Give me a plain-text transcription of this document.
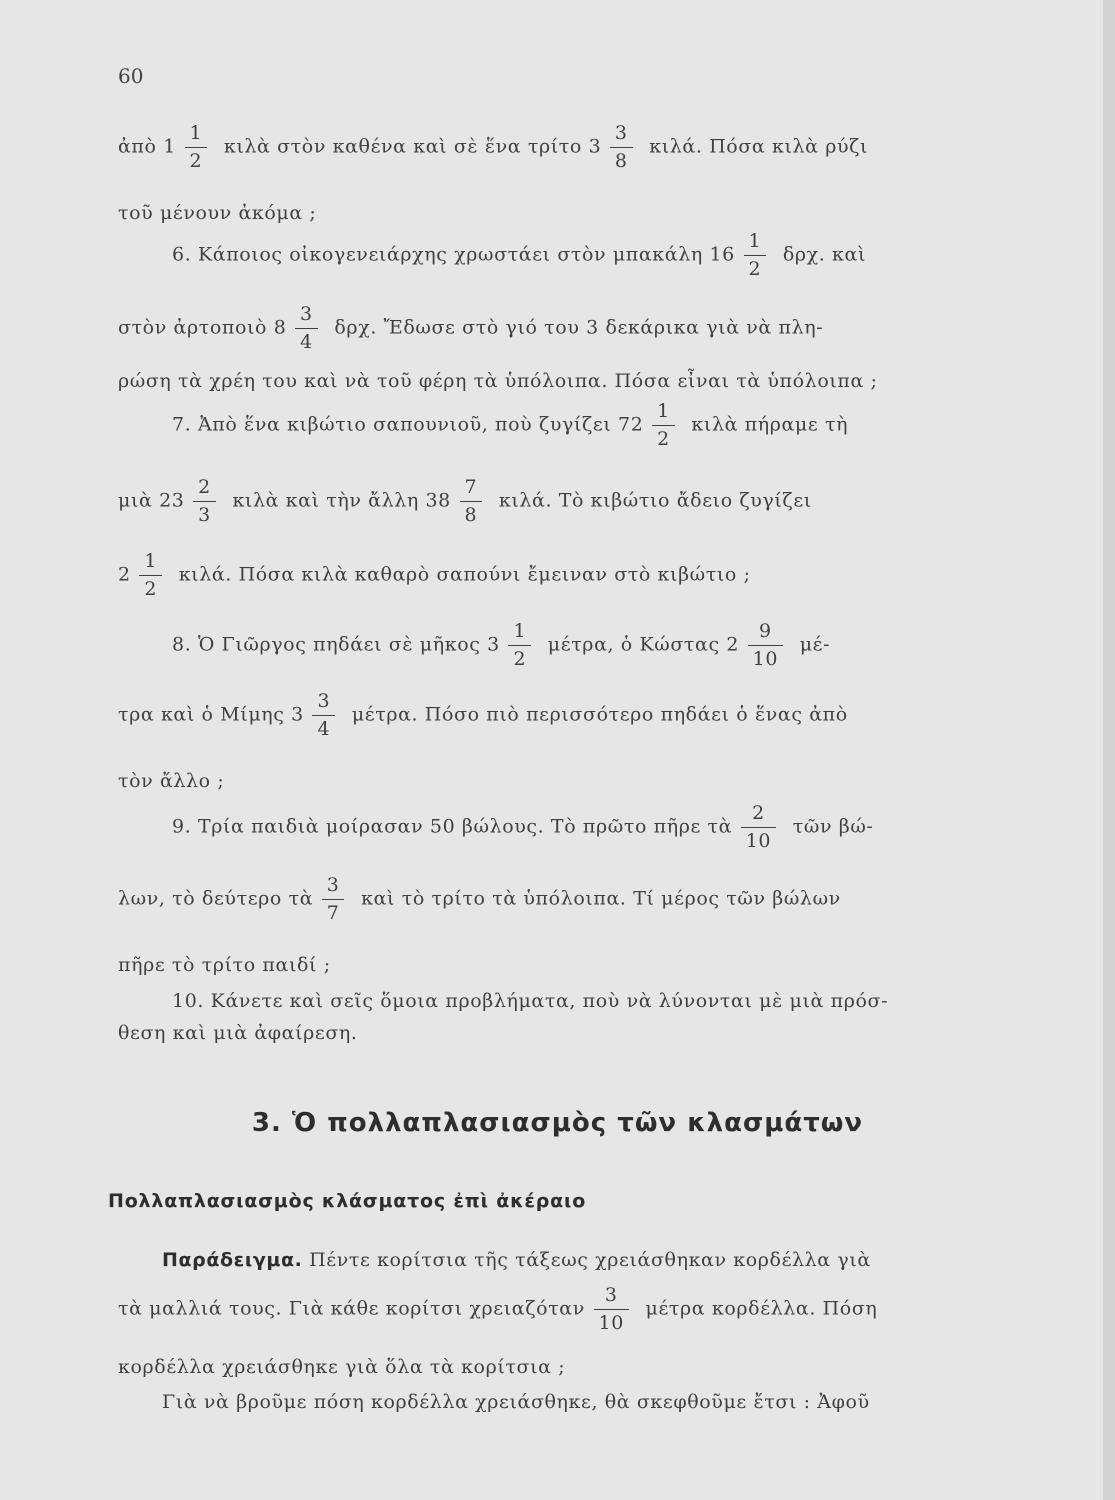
60
ἀπὸ $1 \frac{1}{2}$ κιλὰ στὸν καθένα καὶ σὲ ἕνα τρίτο $3 \frac{3}{8} \kappa\iota\lambda ά$. Πόσα κιλὰ ρύζι
τοῦ μένουν ἀκόμα ;
6. Κάποιος οἰκογενειάρχης χρωστάει στὸν μπακάλη $16 \frac{1}{2} \delta\rho\chi$. καὶ
στὸν ἀρτοποιὸ $8 \frac{3}{4} \delta\rho\chi$. Ἔδωσε στὸ γιό του 3 δεκάρικα γιὰ νὰ πλη-
ρώση τὰ χρέη του καὶ νὰ τοῦ φέρη τὰ ὑπόλοιπα. Πόσα εἶναι τὰ ὑπόλοιπα ;
7. Ἀπὸ ἕνα κιβώτιο σαπουνιοῦ, ποὺ ζυγίζει $72 \frac{1}{2}$ κιλὰ πήραμε τὴ
μιὰ $23 \frac{2}{3}$ κιλὰ καὶ τὴν ἄλλη $38 \frac{7}{8} \kappa\iota\lambda ά$. Τὸ κιβώτιο ἄδειο ζυγίζει
$2 \frac{1}{2} \kappa\iota\lambda ά$. Πόσα κιλὰ καθαρὸ σαπούνι ἔμειναν στὸ κιβώτιο ;
8. Ὁ Γιῶργος πηδάει σὲ μῆκος $3 \frac{1}{2} \mu έ\tau\rho\alpha$, ὁ Κώστας $2 \frac{9}{10} \mu έ-$
τρα καὶ ὁ Μίμης $3 \frac{3}{4} \mu έ\tau\rho\alpha$. Πόσο πιὸ περισσότερο πηδάει ὁ ἕνας ἀπὸ
τὸν ἄλλο ;
9. Τρία παιδιὰ μοίρασαν 50 βώλους. Τὸ πρῶτο πῆρε τὰ $\frac{2}{10}$ τῶν βώ-
λων, τὸ δεύτερο τὰ $\frac{3}{7}$ καὶ τὸ τρίτο τὰ ὑπόλοιπα. Τί μέρος τῶν βώλων
πῆρε τὸ τρίτο παιδί ;
10. Κάνετε καὶ σεῖς ὅμοια προβλήματα, ποὺ νὰ λύνονται μὲ μιὰ πρόσ-
θεση καὶ μιὰ ἀφαίρεση.
3. Ὁ πολλαπλασιασμὸς τῶν κλασμάτων
Πολλαπλασιασμὸς κλάσματος ἐπὶ ἀκέραιο
Παράδειγμα. Πέντε κορίτσια τῆς τάξεως χρειάσθηκαν κορδέλλα γιὰ
τὰ μαλλιά τους. Γιὰ κάθε κορίτσι χρειαζόταν $\frac{3}{10}$ μέτρα κορδέλλα. Πόση
κορδέλλα χρειάσθηκε γιὰ ὅλα τὰ κορίτσια ;
Γιὰ νὰ βροῦμε πόση κορδέλλα χρειάσθηκε, θὰ σκεφθοῦμε ἔτσι : Ἀφοῦ
